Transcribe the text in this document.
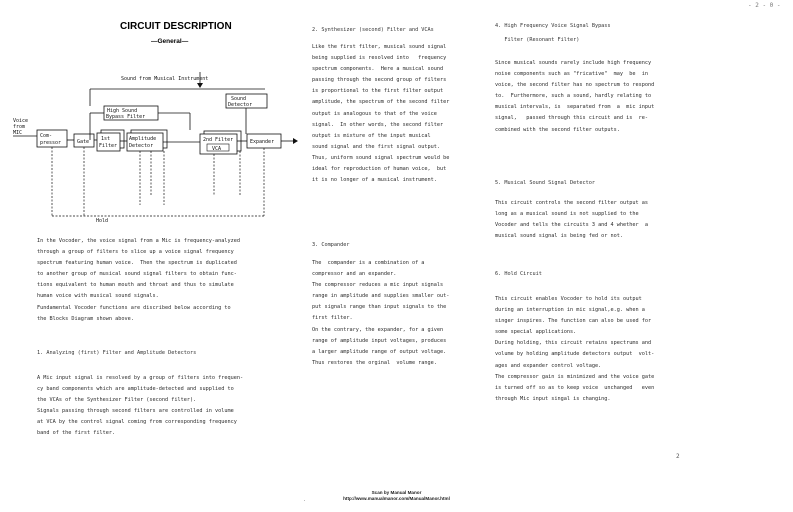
- 2 - 0 -
CIRCUIT DESCRIPTION
—General—
Sound from Musical Instrument
Sound
Detector
High Sound
Bypass Filter
Voice
from
MIC	Com-
pressor	Gate 1st
Filter
Amplitude
Detector
2nd Filter
VCA
Expander
Hold

In the Vocoder, the voice signal from a Mic is frequency-analyzed

through a group of filters to slice up a voice signal frequency

spectrum featuring human voice.  Then the spectrum is duplicated

to another group of musical sound signal filters to obtain func-

tions equivalent to human mouth and throat and thus to simulate

human voice with musical sound signals.

Fundamental Vocoder functions are discribed below according to

the Blocks Diagram shown above.

1. Analyzing (first) Filter and Amplitude Detectors

A Mic input signal is resolved by a group of filters into frequen-

cy band components which are amplitude-detected and supplied to

the VCAs of the Synthesizer Filter (second filter).

Signals passing through second filters are controlled in volume

at VCA by the control signal coming from corresponding frequency

band of the first filter.

2. Synthesizer (second) Filter and VCAs

Like the first filter, musical sound signal

being supplied is resolved into   frequency

spectrum components.  Here a musical sound

passing through the second group of filters

is proportional to the first filter output

amplitude, the spectrum of the second filter

output is analogous to that of the voice

signal.  In other words, the second filter

output is mixture of the input musical

sound signal and the first signal output.

Thus, uniform sound signal spectrum would be

ideal for reproduction of human voice,  but

it is no longer of a musical instrument.

3. Compander

The  compander is a combination of a

compressor and an expander.

The compressor reduces a mic input signals

range in amplitude and supplies smaller out-

put signals range than input signals to the

first filter.

On the contrary, the expander, for a given

range of amplitude input voltages, produces

a larger amplitude range of output voltage.

Thus restores the orginal  volume range.

4. High Frequency Voice Signal Bypass
Filter (Resonant Filter)

Since musical sounds rarely include high frequency

noise components such as "fricative"  may  be  in

voice, the second filter has no spectrum to respond

to.  Furthermore, such a sound, hardly relating to

musical intervals, is  separated from  a  mic input

signal,   passed through this circuit and is  re-

combined with the second filter outputs.

5. Musical Sound Signal Detector

This circuit controls the second filter output as

long as a musical sound is not supplied to the

Vocoder and tells the circuits 3 and 4 whether  a

musical sound signal is being fed or not.

6. Hold Circuit

This circuit enables Vocoder to hold its output

during an interruption in mic signal,e.g. when a

singer inspires. The function can also be used for

some special applications.

During holding, this circuit retains spectrums and

volume by holding amplitude detectors output  volt-

ages and expander control voltage.

The compressor gain is minimized and the voice gate

is turned off so as to keep voice  unchanged   even

through Mic input singal is changing.

2
.
Scan by Manual Manor
http://www.manualmanor.com/ManualManor.html
